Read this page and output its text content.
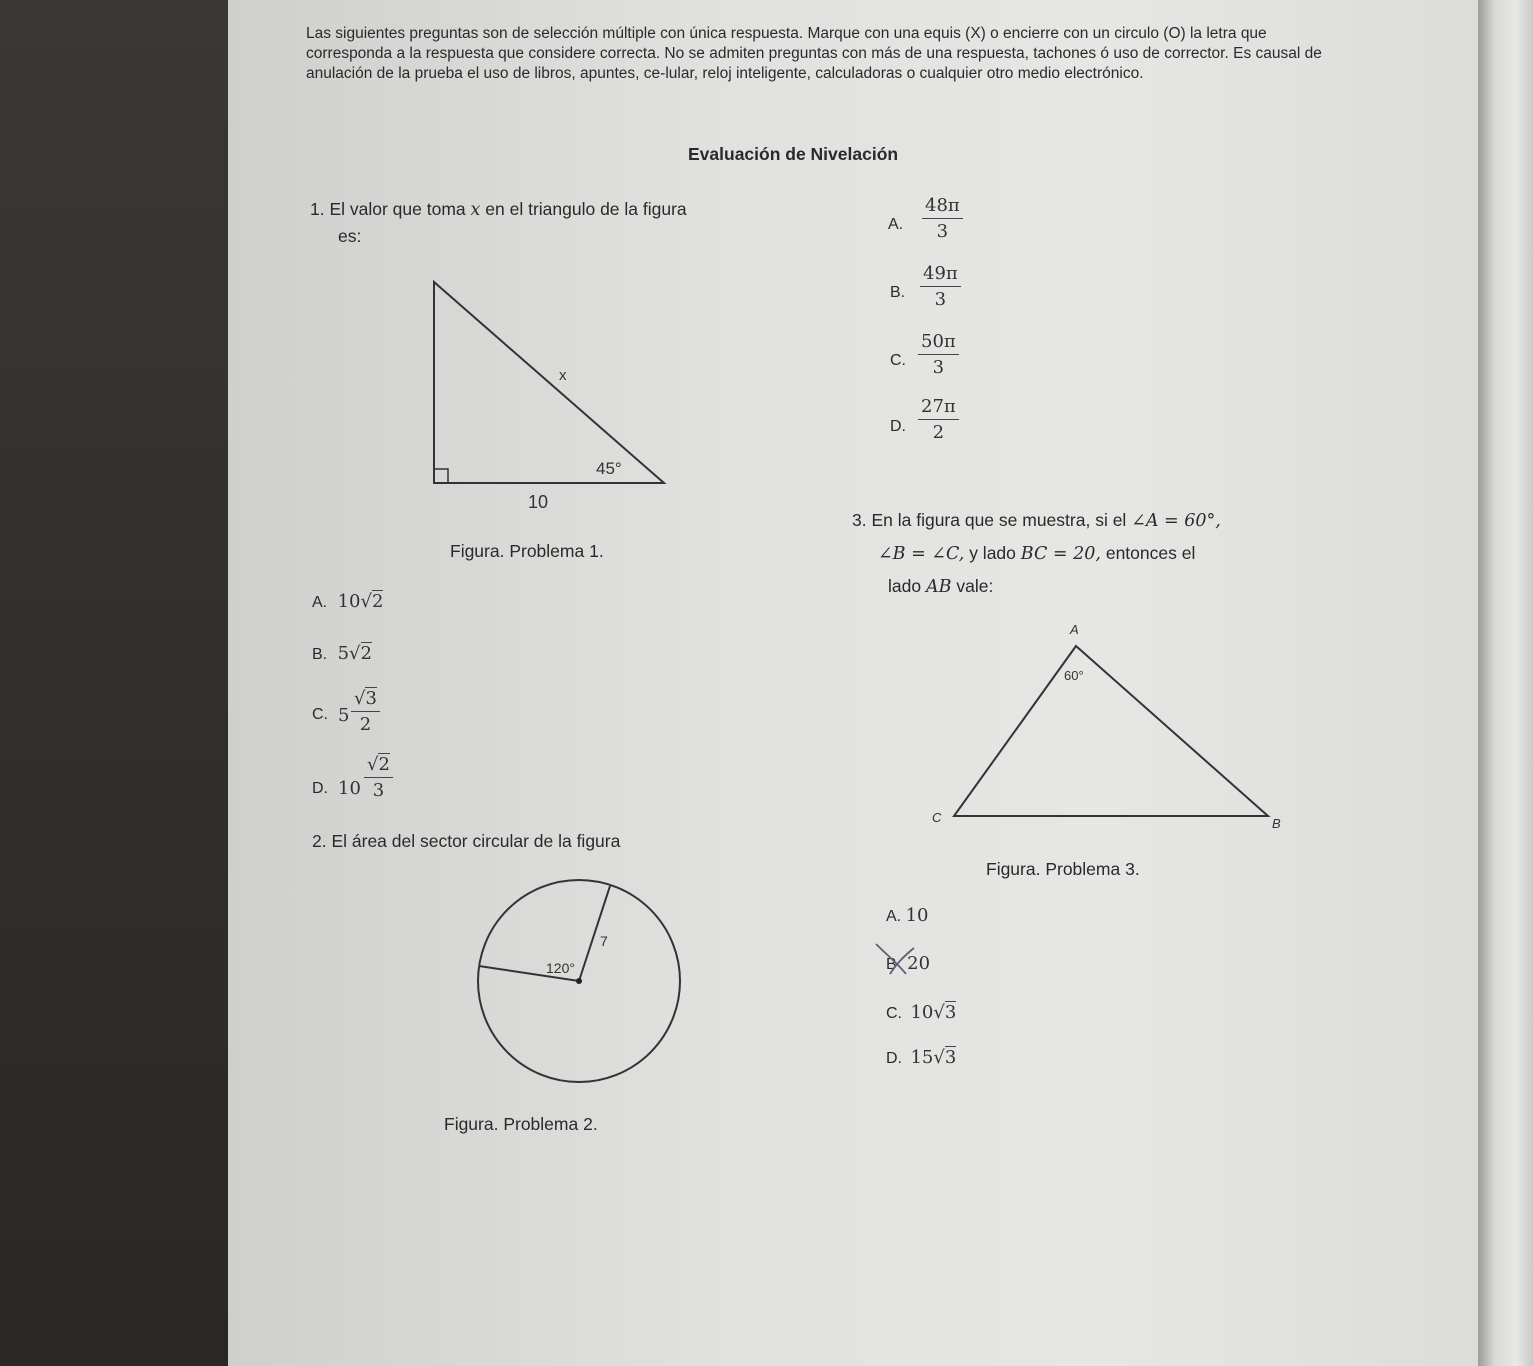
Las siguientes preguntas son de selección múltiple con única respuesta. Marque con una equis (X) o encierre con un circulo (O) la letra que corresponda a la respuesta que considere correcta. No se admiten preguntas con más de una respuesta, tachones ó uso de corrector. Es causal de anulación de la prueba el uso de libros, apuntes, ce-lular, reloj inteligente, calculadoras o cualquier otro medio electrónico.
Evaluación de Nivelación
1. El valor que toma x en el triangulo de la figura
es:
x
45°
10
Figura. Problema 1.
A. 10√2
B. 5√2
C. $5 \frac{√3}{2}$
D. $10 \frac{√2}{3}$
2. El área del sector circular de la figura
7
120°
Figura. Problema 2.
A. $\frac{48\pi}{3}$
B. $\frac{49\pi}{3}$
C. $\frac{50\pi}{3}$
D. $\frac{27\pi}{2}$
3. En la figura que se muestra, si el ∠A = 60°,
∠B = ∠C, y lado BC = 20, entonces el
lado AB vale:
A
C	B
60°
Figura. Problema 3.
A. 10
B 20
C. 10√3
D. 15√3
